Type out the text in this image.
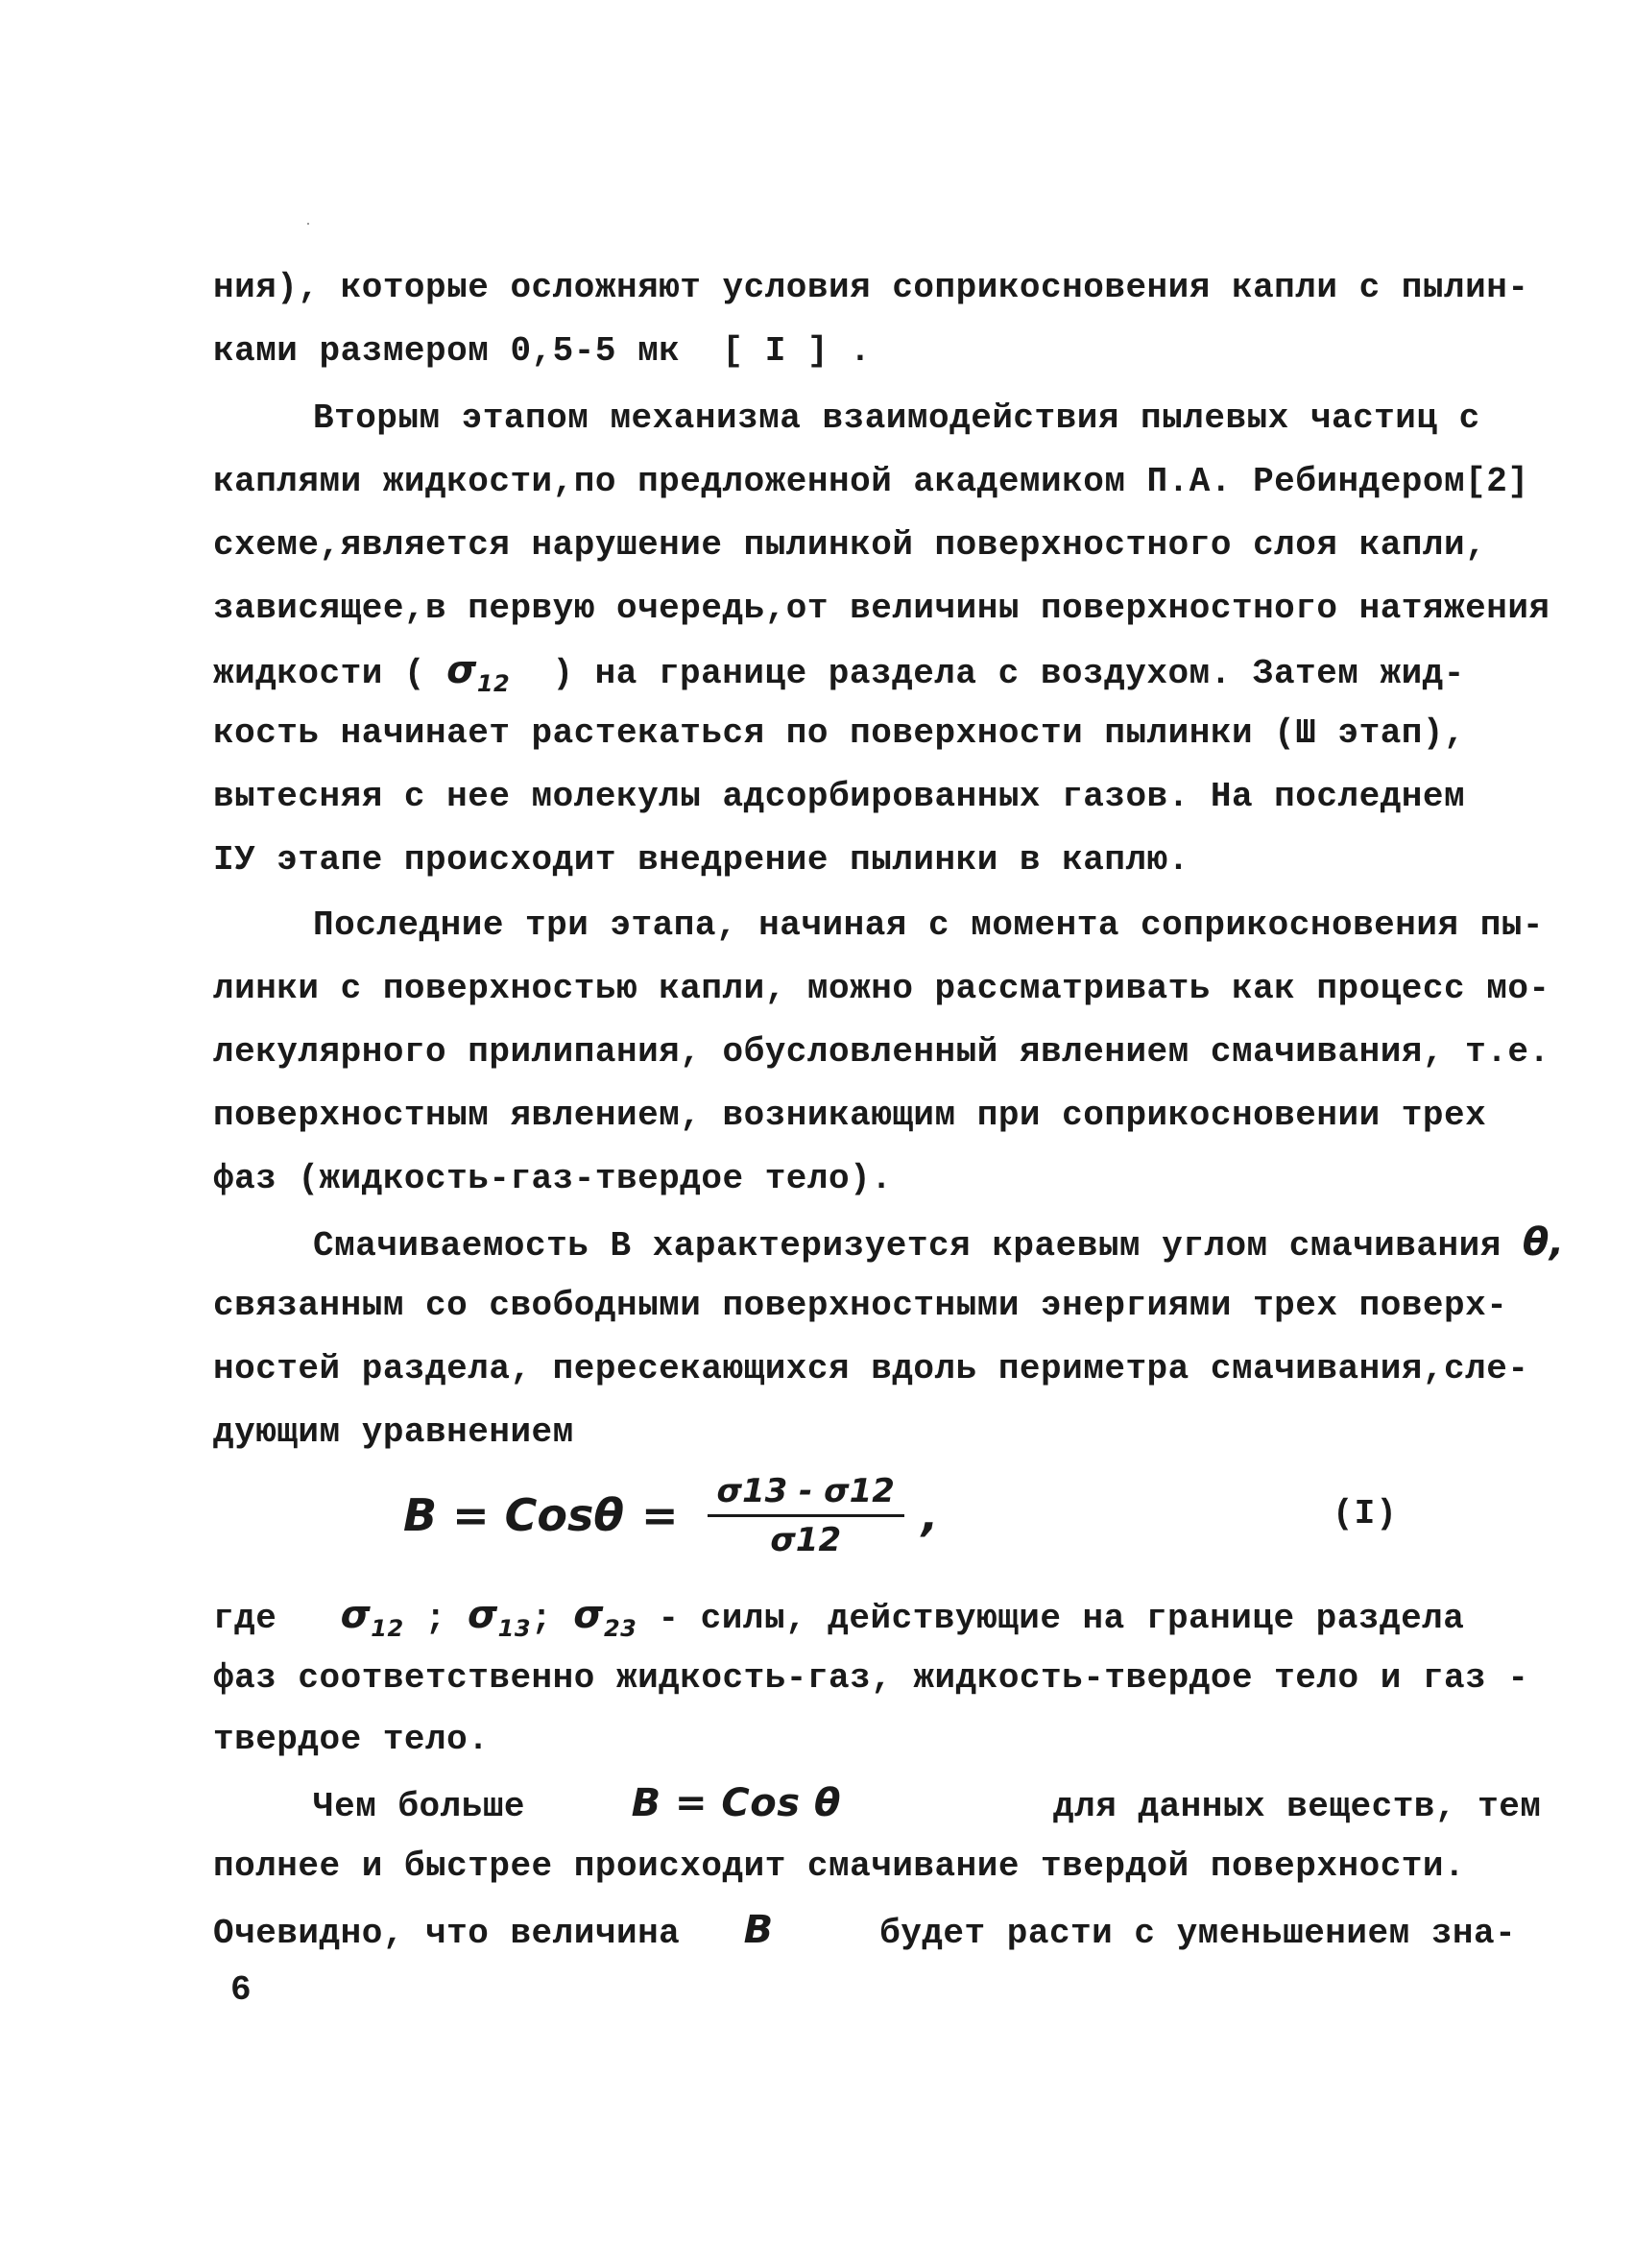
ния), которые осложняют условия соприкосновения капли с пылин-
ками размером 0,5-5 мк  [ I ] .
Вторым этапом механизма взаимодействия пылевых частиц с
каплями жидкости,по предложенной академиком П.А. Ребиндером[2]
схеме,является нарушение пылинкой поверхностного слоя капли,
зависящее,в первую очередь,от величины поверхностного натяжения
жидкости ( $\sigma_{12}$ ) на границе раздела с воздухом. Затем жид-
кость начинает растекаться по поверхности пылинки (Ш этап),
вытесняя с нее молекулы адсорбированных газов. На последнем
IУ этапе происходит внедрение пылинки в каплю.
Последние три этапа, начиная с момента соприкосновения пы-
линки с поверхностью капли, можно рассматривать как процесс мо-
лекулярного прилипания, обусловленный явлением смачивания, т.е.
поверхностным явлением, возникающим при соприкосновении трех
фаз (жидкость-газ-твердое тело).
Смачиваемость В характеризуется краевым углом смачивания θ,
связанным со свободными поверхностными энергиями трех поверх-
ностей раздела, пересекающихся вдоль периметра смачивания,сле-
дующим уравнением
$B = Cos\theta = \frac{\sigma 13 - \sigma 12}{\sigma 12}$ ,	(I)
где $\sigma_{12}$ ; $\sigma_{13}$; $\sigma_{23}$ - силы, действующие на границе раздела
фаз соответственно жидкость-газ, жидкость-твердое тело и газ -
твердое тело.
Чем больше	B = Cos θ	для данных веществ, тем
полнее и быстрее происходит смачивание твердой поверхности.
Очевидно, что величина B	будет расти с уменьшением зна-
6
